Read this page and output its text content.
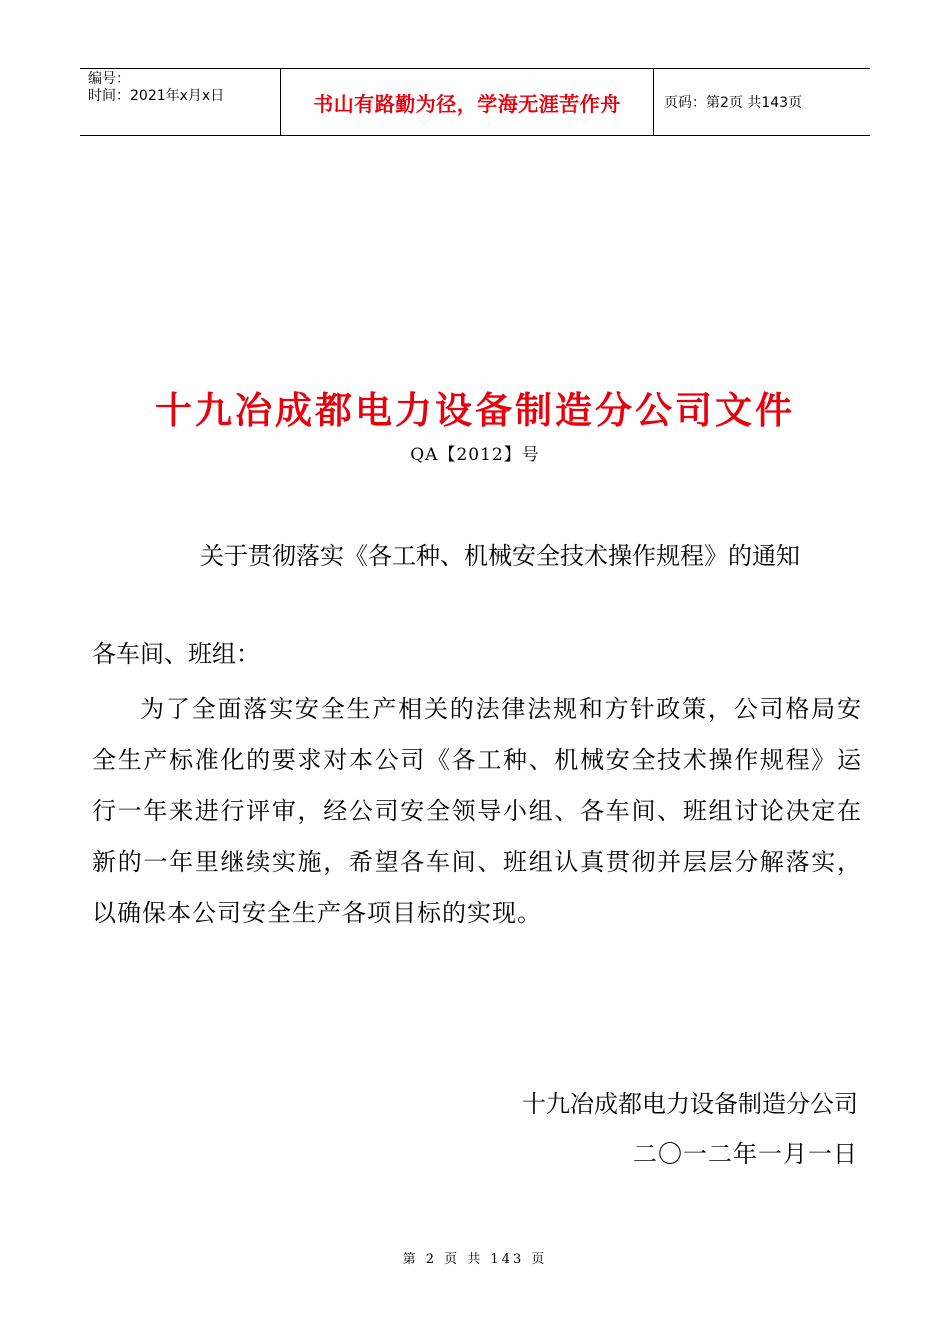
编号：
时间：2021年x月x日	书山有路勤为径，学海无涯苦作舟	页码：第2页 共143页
十九冶成都电力设备制造分公司文件
QA【2012】号
关于贯彻落实《各工种、机械安全技术操作规程》的通知
各车间、班组：
为了全面落实安全生产相关的法律法规和方针政策，公司格局安全生产标准化的要求对本公司《各工种、机械安全技术操作规程》运行一年来进行评审，经公司安全领导小组、各车间、班组讨论决定在新的一年里继续实施，希望各车间、班组认真贯彻并层层分解落实，以确保本公司安全生产各项目标的实现。
十九冶成都电力设备制造分公司
二〇一二年一月一日
第 2 页 共 143 页
